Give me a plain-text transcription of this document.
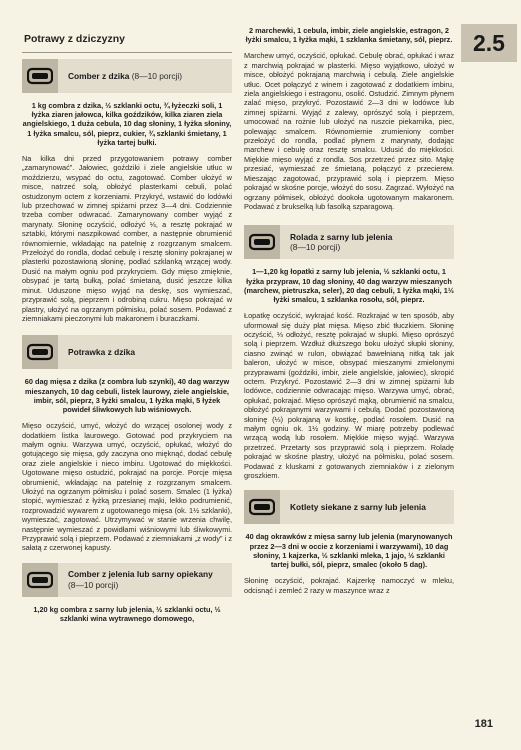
2.5
Potrawy z dziczyzny
Comber z dzika (8—10 porcji)
1 kg combra z dzika, ½ szklanki octu, ¾ łyżeczki soli, 1 łyżka ziaren jałowca, kilka goździków, kilka ziaren ziela angielskiego, 1 duża cebula, 10 dag słoniny, 1 łyżka słoniny, 1 łyżka smalcu, sól, pieprz, cukier, ¾ szklanki śmietany, 1 łyżka tartej bułki.

Na kilka dni przed przygotowaniem potrawy comber „zamarynować”. Jałowiec, goździki i ziele angielskie utłuc w moździerzu, wsypać do octu, zagotować. Comber ułożyć w misce, natrzeć solą, obłożyć plasterkami cebuli, polać ostudzonym octem z korzeniami. Przykryć, wstawić do lodówki lub przechować w zimnej spiżarni przez 3—4 dni. Codziennie trzeba comber odwracać. Zamarynowany comber wyjąć z marynaty. Słoninę oczyścić, odłożyć ⅓, a resztę pokrajać w sztabki, którymi naszpikować comber, a następnie obrumienić równomiernie, wkładając na patelnię z rozgrzanym smalcem. Przełożyć do rondla, dodać cebulę i resztę słoniny pokrajanej w plasterki pozostawioną słoninę, podlać szklanką wrzącej wody. Dusić na małym ogniu pod przykryciem. Gdy mięso zmięknie, obsypać je tartą bułką, polać śmietaną, dusić jeszcze kilka minut. Uduszone mięso wyjąć na deskę, sos wymieszać, przyprawić solą, pieprzem i odrobiną cukru. Mięso pokrajać w plastry, ułożyć na ogrzanym półmisku, polać sosem. Podawać z ziemniakami pieczonymi lub makaronem i buraczkami.

Potrawka z dzika
60 dag mięsa z dzika (z combra lub szynki), 40 dag warzyw mieszanych, 10 dag cebuli, listek laurowy, ziele angielskie, imbir, sól, pieprz, 3 łyżki smalcu, 1 łyżka mąki, 5 łyżek powideł śliwkowych lub wiśniowych.

Mięso oczyścić, umyć, włożyć do wrzącej osolonej wody z dodatkiem listka laurowego. Gotować pod przykryciem na małym ogniu. Warzywa umyć, oczyścić, opłukać, włożyć do gotującego się mięsa, gdy zaczyna ono mięknąć, dodać cebulę oraz ziele angielskie i nieco imbiru. Ugotować do miękkości. Ugotowane mięso ostudzić, pokrajać na porcje. Porcje mięsa obrumienić, wkładając na patelnię z rozgrzanym smalcem. Ułożyć na ogrzanym półmisku i polać sosem. Smalec (1 łyżka) stopić, wymieszać z łyżką przesianej mąki, lekko podrumienić, rozprowadzić wywarem z ugotowanego mięsa (ok. 1½ szklanki), wymieszać, zagotować. Utrzymywać w stanie wrzenia chwilę, następnie wymieszać z powidłami wiśniowymi lub śliwkowymi. Przyprawić solą i pieprzem. Podawać z ziemniakami „z wody” i z sałatą z czerwonej kapusty.

Comber z jelenia lub sarny opiekany
(8—10 porcji)
1,20 kg combra z sarny lub jelenia, ½ szklanki octu, ½ szklanki wina wytrawnego domowego,
2 marchewki, 1 cebula, imbir, ziele angielskie, estragon, 2 łyżki smalcu, 1 łyżka mąki, 1 szklanka śmietany, sól, pieprz.

Marchew umyć, oczyścić, opłukać. Cebulę obrać, opłukać i wraz z marchwią pokrajać w plasterki. Mięso wyjątkowo, ułożyć w misce, obłożyć pokrajaną marchwią i cebulą. Ziele angielskie utłuc. Ocet połączyć z winem i zagotować z dodatkiem imbiru, ziela angielskiego i estragonu, osolić. Ostudzić. Zimnym płynem zalać mięso, przykryć. Pozostawić 2—3 dni w lodówce lub zimnej spiżarni. Wyjąć z zalewy, oprószyć solą i pieprzem, umocować na rożnie lub ułożyć na ruszcie piekarnika, piec, polewając smalcem. Równomiernie zrumieniony comber przełożyć do rondla, podlać płynem z marynaty, dodając marchew i cebulę oraz resztę smalcu. Udusić do miękkości. Miękkie mięso wyjąć z rondla. Sos przetrzeć przez sito. Mąkę przesiać, wymieszać ze śmietaną, połączyć z przeciereм. Mieszając zagotować, przyprawić solą i pieprzem. Mięso pokrajać w skośne porcje, włożyć do sosu. Zagrzać. Wyłożyć na ogrzany półmisek, obłożyć dookoła ugotowanym makaronem. Podawać z brukselką lub fasolką szparagową.

Rolada z sarny lub jelenia
(8—10 porcji)
1—1,20 kg łopatki z sarny lub jelenia, ½ szklanki octu, 1 łyżka przypraw, 10 dag słoniny, 40 dag warzyw mieszanych (marchew, pietruszka, seler), 20 dag cebuli, 1 łyżka mąki, 1½ łyżki smalcu, 1 szklanka rosołu, sól, pieprz.

Łopatkę oczyścić, wykrajać kość. Rozkrajać w ten sposób, aby uformował się duży płat mięsa. Mięso zbić tłuczkiem. Słoninę oczyścić, ⅓ odłożyć, resztę pokrajać w słupki. Mięso oprószyć solą i pieprzem. Wzdłuż dłuższego boku ułożyć słupki słoniny, ciasno zwinąć w rulon, obwiązać bawełnianą nitką tak jak baleron, ułożyć w misce, obsypać mieszanymi zmielonymi przyprawami (goździki, imbir, ziele angielskie, jałowiec), skropić octem. Przykryć. Pozostawić 2—3 dni w zimnej spiżarni lub lodówce, codziennie odwracając mięso. Warzywa umyć, obrać, opłukać, pokrajać. Mięso oprószyć mąką, obrumienić na smalcu, obłożyć pokrajanymi warzywami i cebulą. Dodać pozostawioną słoninę (⅓) pokrajaną w kostkę, podlać rosołem. Dusić na małym ogniu ok. 1½ godziny. W miarę potrzeby podlewać wrzącą wodą lub rosołem. Miękkie mięso wyjąć. Warzywa przetrzeć. Przetarty sos przyprawić solą i pieprzem. Roladę pokrajać w skośne plastry, ułożyć na półmisku, polać sosem. Podawać z kluskami z gotowanych ziemniaków i z zielonym groszkiem.

Kotlety siekane z sarny lub jelenia
40 dag okrawków z mięsa sarny lub jelenia (marynowanych przez 2—3 dni w occie z korzeniami i warzywami), 10 dag słoniny, 1 kajzerka, ½ szklanki mleka, 1 jajo, ½ szklanki tartej bułki, sól, pieprz, smalec (około 5 dag).

Słoninę oczyścić, pokrajać. Kajzerkę namoczyć w mleku, odcisnąć i zemleć 2 razy w maszynce wraz z

181
